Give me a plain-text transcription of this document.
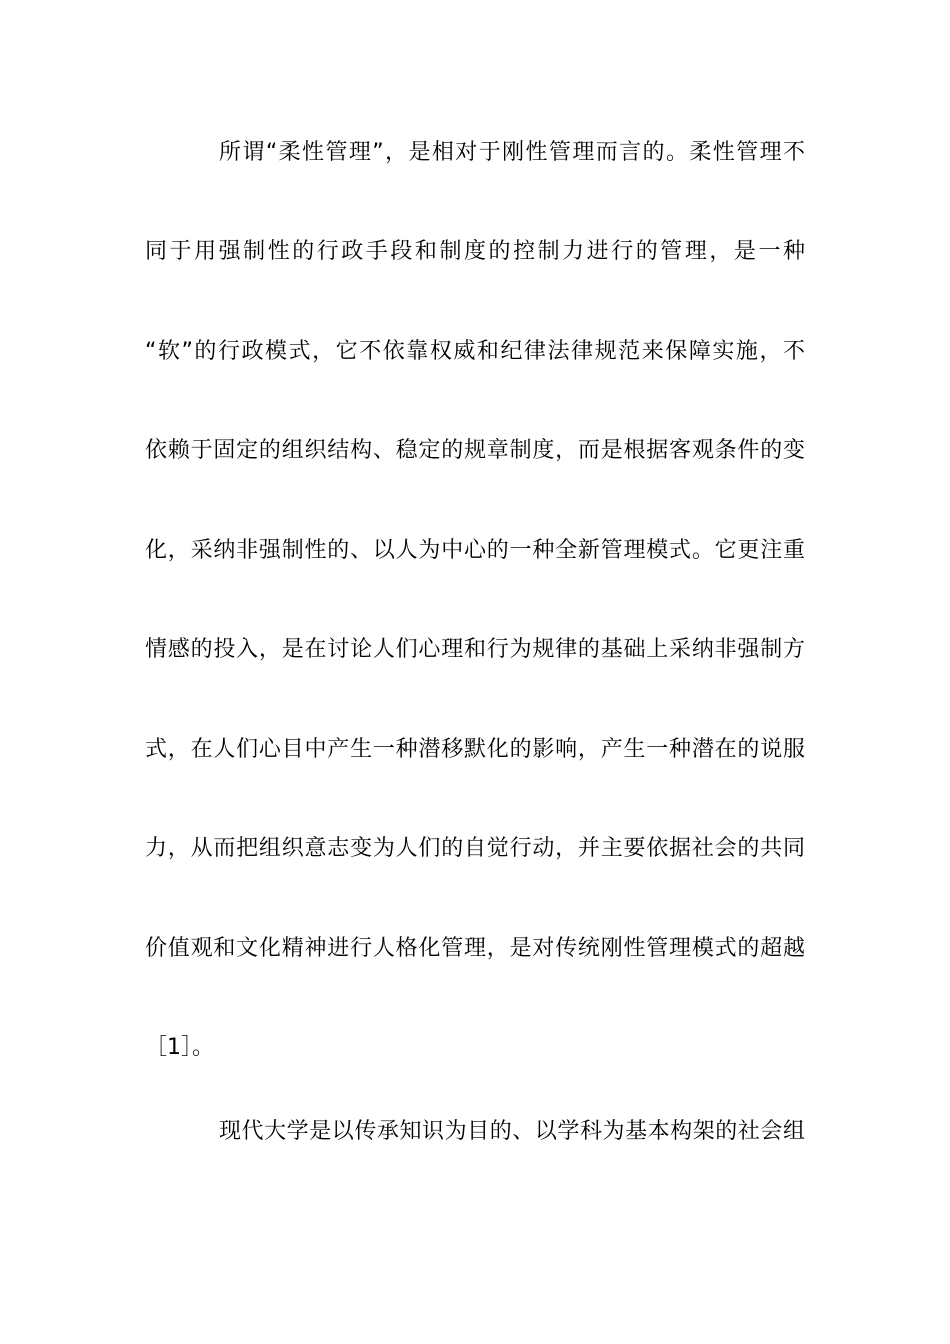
所谓“柔性管理”，是相对于刚性管理而言的。柔性管理不
同于用强制性的行政手段和制度的控制力进行的管理，是一种
“软”的行政模式，它不依靠权威和纪律法律规范来保障实施，不
依赖于固定的组织结构、稳定的规章制度，而是根据客观条件的变
化，采纳非强制性的、以人为中心的一种全新管理模式。它更注重
情感的投入，是在讨论人们心理和行为规律的基础上采纳非强制方
式，在人们心目中产生一种潜移默化的影响，产生一种潜在的说服
力，从而把组织意志变为人们的自觉行动，并主要依据社会的共同
价值观和文化精神进行人格化管理，是对传统刚性管理模式的超越
［1］。
现代大学是以传承知识为目的、以学科为基本构架的社会组
